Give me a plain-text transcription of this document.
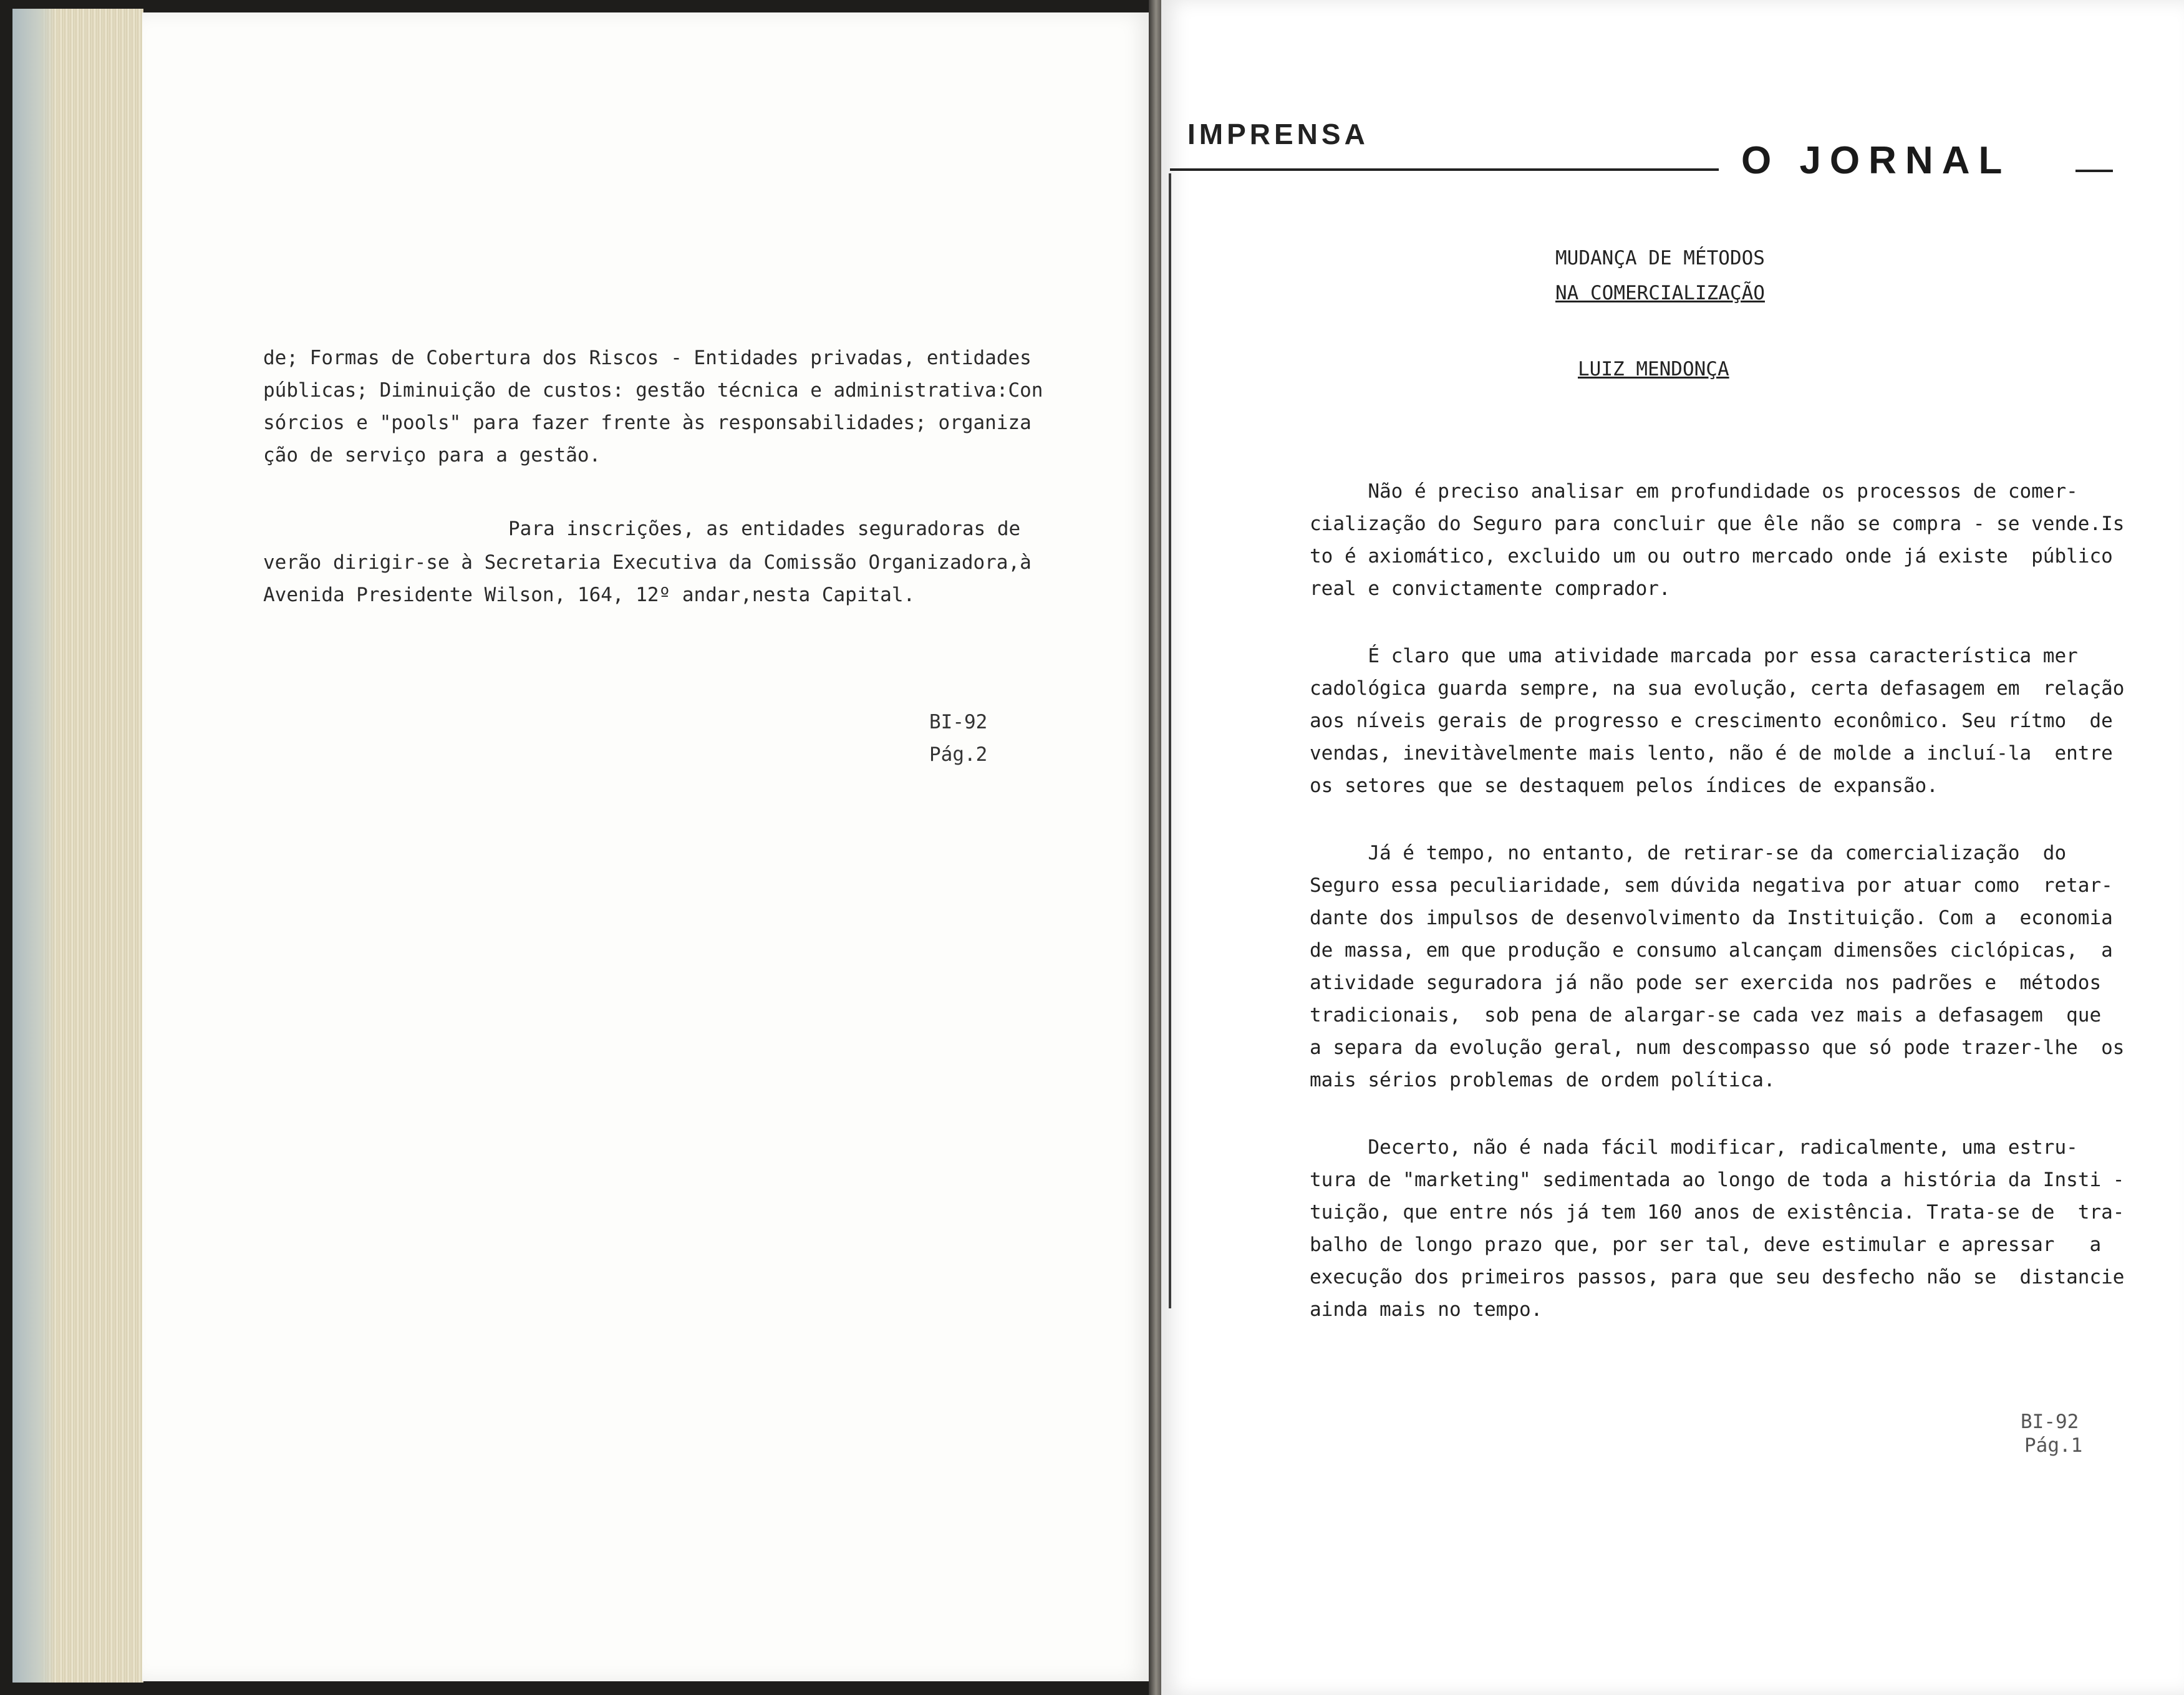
de; Formas de Cobertura dos Riscos - Entidades privadas, entidades
públicas; Diminuição de custos: gestão técnica e administrativa:Con
sórcios e "pools" para fazer frente às responsabilidades; organiza
ção de serviço para a gestão.
Para inscrições, as entidades seguradoras de
verão dirigir-se à Secretaria Executiva da Comissão Organizadora,à
Avenida Presidente Wilson, 164, 12º andar,nesta Capital.
BI-92
Pág.2
IMPRENSA
O JORNAL
MUDANÇA DE MÉTODOS
NA COMERCIALIZAÇÃO
LUIZ MENDONÇA
Não é preciso analisar em profundidade os processos de comer-
cialização do Seguro para concluir que êle não se compra - se vende.Is
to é axiomático, excluido um ou outro mercado onde já existe  público
real e convictamente comprador.
É claro que uma atividade marcada por essa característica mer
cadológica guarda sempre, na sua evolução, certa defasagem em  relação
aos níveis gerais de progresso e crescimento econômico. Seu rítmo  de
vendas, inevitàvelmente mais lento, não é de molde a incluí-la  entre
os setores que se destaquem pelos índices de expansão.
Já é tempo, no entanto, de retirar-se da comercialização  do
Seguro essa peculiaridade, sem dúvida negativa por atuar como  retar-
dante dos impulsos de desenvolvimento da Instituição. Com a  economia
de massa, em que produção e consumo alcançam dimensões ciclópicas,  a
atividade seguradora já não pode ser exercida nos padrões e  métodos
tradicionais,  sob pena de alargar-se cada vez mais a defasagem  que
a separa da evolução geral, num descompasso que só pode trazer-lhe  os
mais sérios problemas de ordem política.
Decerto, não é nada fácil modificar, radicalmente, uma estru-
tura de "marketing" sedimentada ao longo de toda a história da Insti -
tuição, que entre nós já tem 160 anos de existência. Trata-se de  tra-
balho de longo prazo que, por ser tal, deve estimular e apressar   a
execução dos primeiros passos, para que seu desfecho não se  distancie
ainda mais no tempo.
BI-92
Pág.1
